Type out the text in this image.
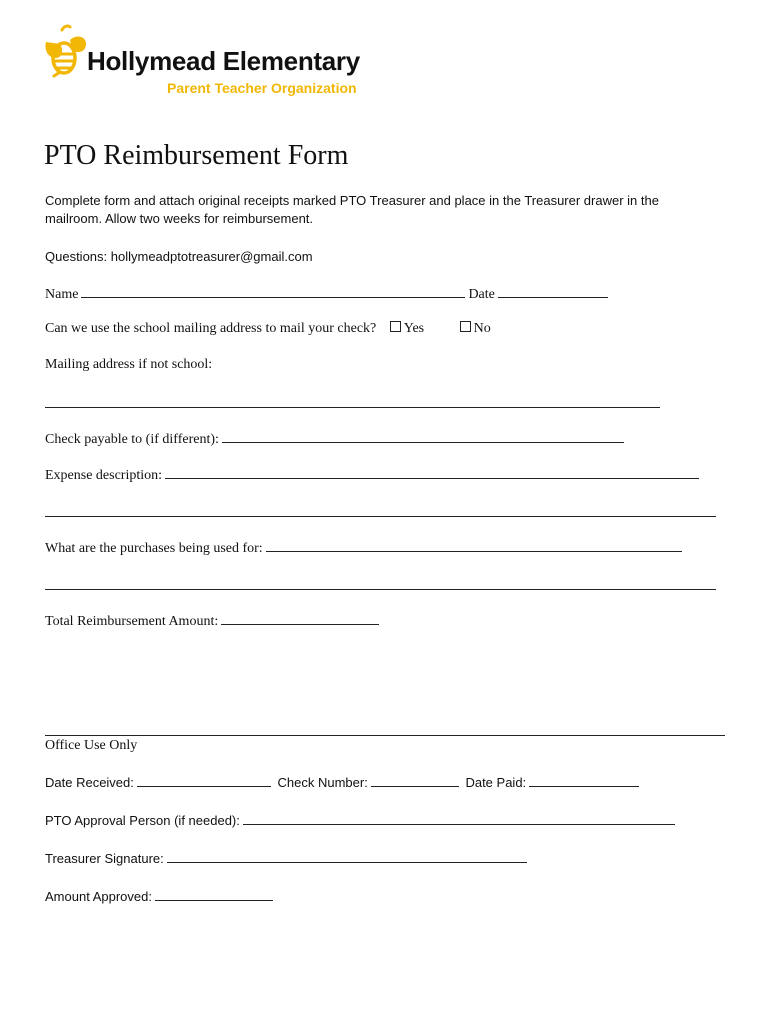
Hollymead Elementary
Parent Teacher Organization
PTO Reimbursement Form
Complete form and attach original receipts marked PTO Treasurer and place in the Treasurer drawer in the mailroom. Allow two weeks for reimbursement.
Questions: hollymeadptotreasurer@gmail.com
Name	Date
Can we use the school mailing address to mail your check? Yes	No
Mailing address if not school:
Check payable to (if different):
Expense description:
What are the purchases being used for:
Total Reimbursement Amount:
Office Use Only
Date Received:	Check Number:	Date Paid:
PTO Approval Person (if needed):
Treasurer Signature:
Amount Approved:
